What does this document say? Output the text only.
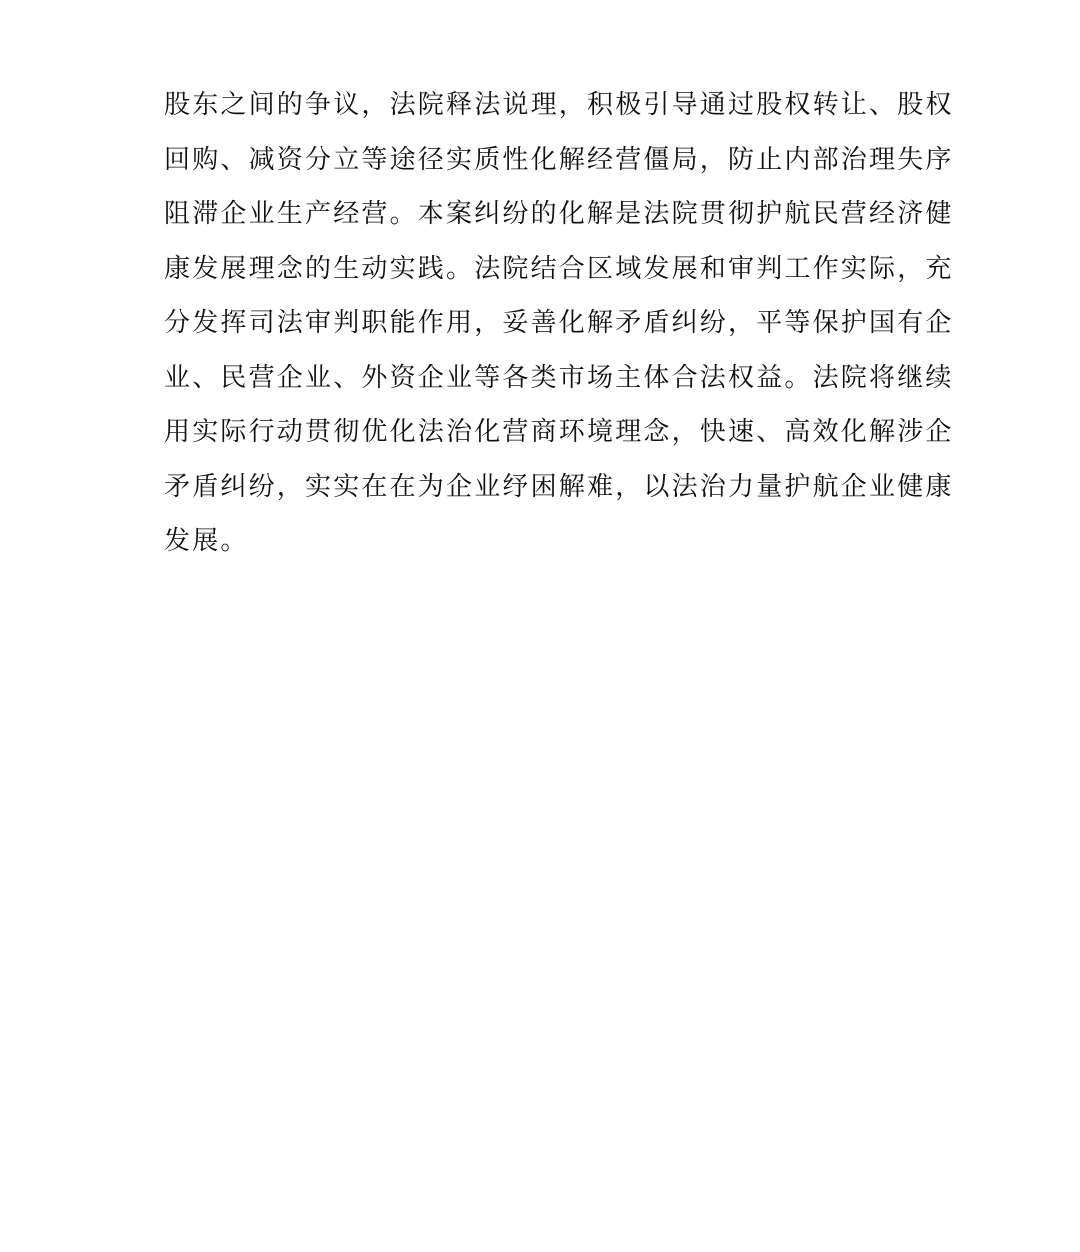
股东之间的争议，法院释法说理，积极引导通过股权转让、股权
回购、减资分立等途径实质性化解经营僵局，防止内部治理失序
阻滞企业生产经营。本案纠纷的化解是法院贯彻护航民营经济健
康发展理念的生动实践。法院结合区域发展和审判工作实际，充
分发挥司法审判职能作用，妥善化解矛盾纠纷，平等保护国有企
业、民营企业、外资企业等各类市场主体合法权益。法院将继续
用实际行动贯彻优化法治化营商环境理念，快速、高效化解涉企
矛盾纠纷，实实在在为企业纾困解难，以法治力量护航企业健康
发展。
